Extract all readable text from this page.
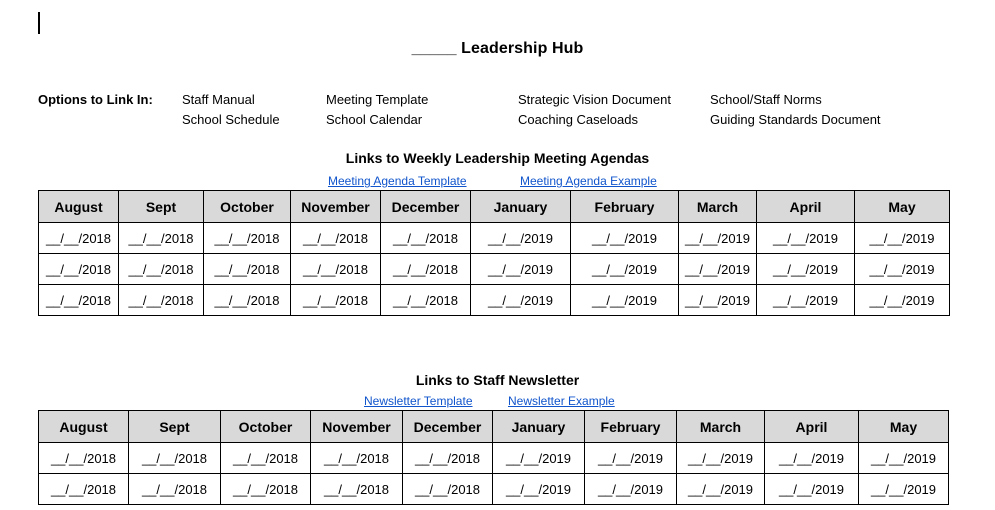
_____ Leadership Hub
Options to Link In: Staff Manual
School Schedule
Meeting Template
School Calendar
Strategic Vision Document
Coaching Caseloads
School/Staff Norms
Guiding Standards Document
Links to Weekly Leadership Meeting Agendas
Meeting Agenda Template	Meeting Agenda Example
August	Sept	October	November	December	January	February	March	April	May
__/__/2018	__/__/2018	__/__/2018	__/__/2018	__/__/2018	__/__/2019	__/__/2019	__/__/2019	__/__/2019	__/__/2019
__/__/2018	__/__/2018	__/__/2018	__/__/2018	__/__/2018	__/__/2019	__/__/2019	__/__/2019	__/__/2019	__/__/2019
__/__/2018	__/__/2018	__/__/2018	__/__/2018	__/__/2018	__/__/2019	__/__/2019	__/__/2019	__/__/2019	__/__/2019
Links to Staff Newsletter
Newsletter Template	Newsletter Example
August	Sept	October	November	December	January	February	March	April	May
__/__/2018	__/__/2018	__/__/2018	__/__/2018	__/__/2018	__/__/2019	__/__/2019	__/__/2019	__/__/2019	__/__/2019
__/__/2018	__/__/2018	__/__/2018	__/__/2018	__/__/2018	__/__/2019	__/__/2019	__/__/2019	__/__/2019	__/__/2019
